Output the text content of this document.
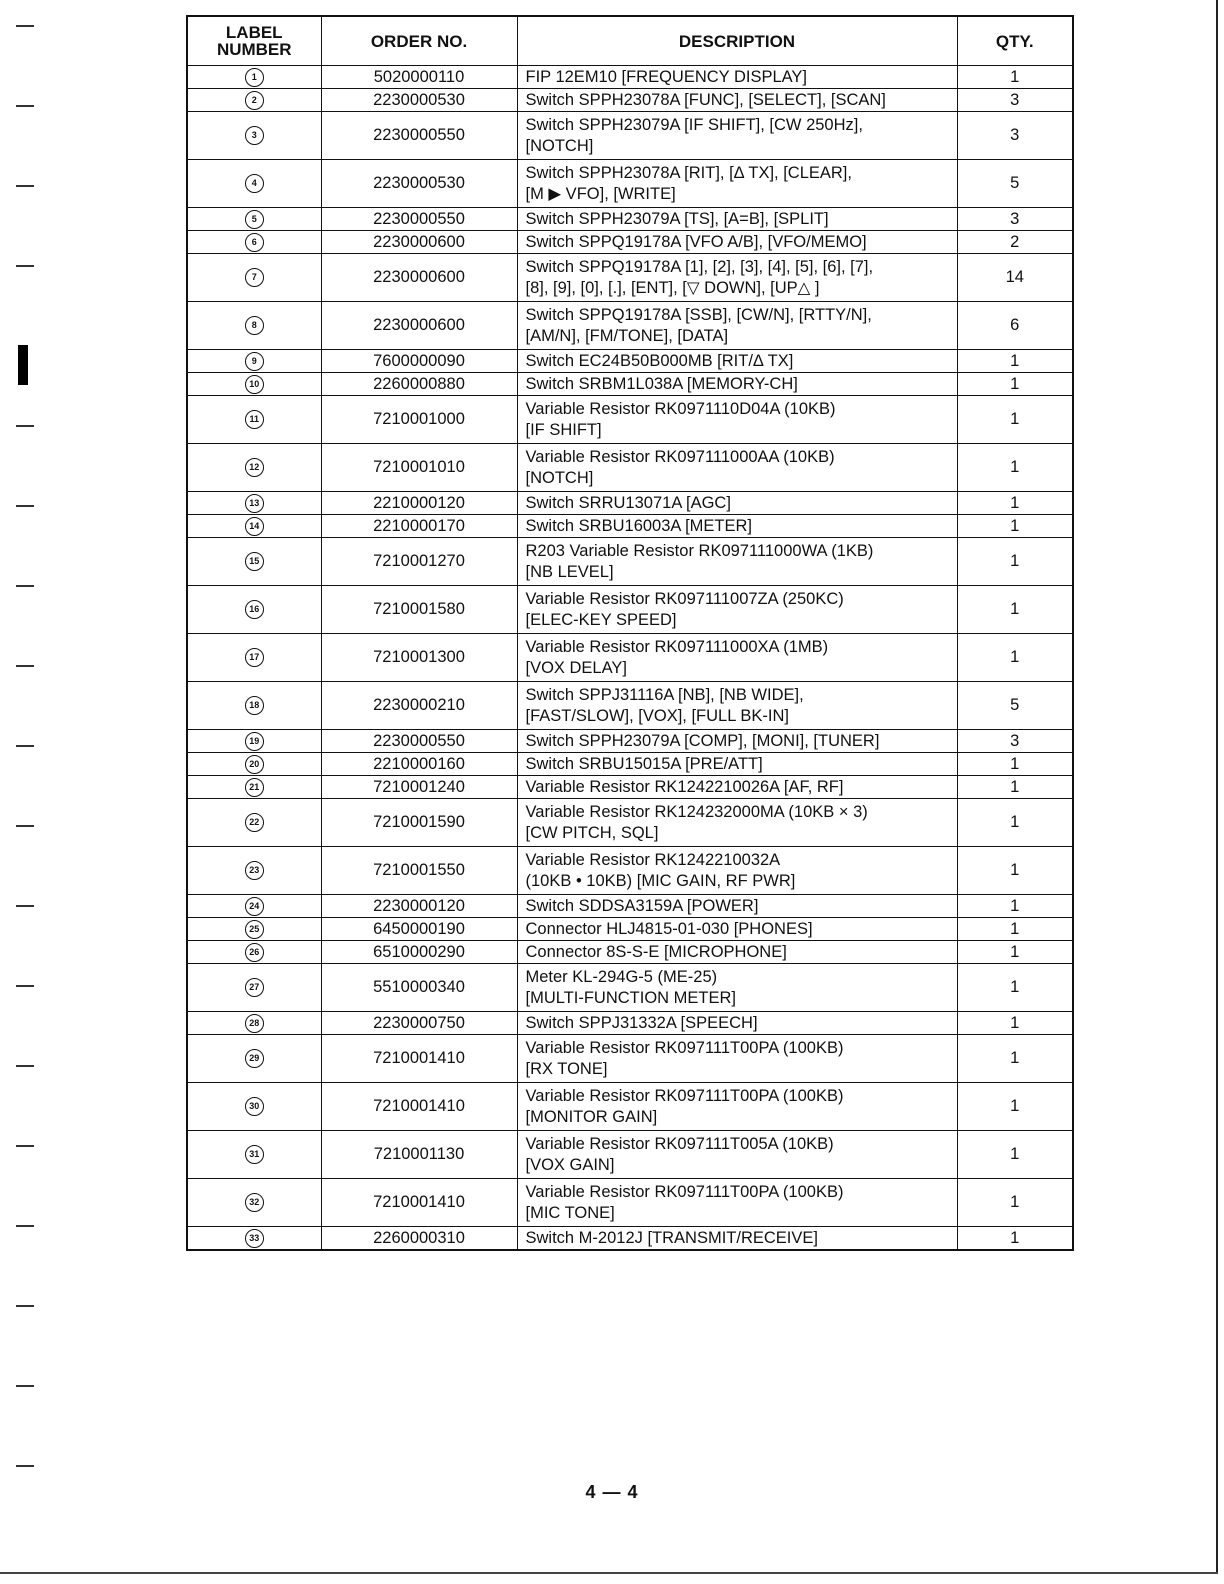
LABEL NUMBER	ORDER NO.	DESCRIPTION	QTY.
1	5020000110	FIP 12EM10 [FREQUENCY DISPLAY]	1
2	2230000530	Switch SPPH23078A [FUNC], [SELECT], [SCAN]	3
3	2230000550	Switch SPPH23079A [IF SHIFT], [CW 250Hz],
[NOTCH]	3
4	2230000530	Switch SPPH23078A [RIT], [Δ TX], [CLEAR],
[M ▶ VFO], [WRITE]	5
5	2230000550	Switch SPPH23079A [TS], [A=B], [SPLIT]	3
6	2230000600	Switch SPPQ19178A [VFO A/B], [VFO/MEMO]	2
7	2230000600	Switch SPPQ19178A [1], [2], [3], [4], [5], [6], [7],
[8], [9], [0], [.], [ENT], [▽ DOWN], [UP△ ]	14
8	2230000600	Switch SPPQ19178A [SSB], [CW/N], [RTTY/N],
[AM/N], [FM/TONE], [DATA]	6
9	7600000090	Switch EC24B50B000MB [RIT/Δ TX]	1
10	2260000880	Switch SRBM1L038A [MEMORY-CH]	1
11	7210001000	Variable Resistor RK0971110D04A (10KB)
[IF SHIFT]	1
12	7210001010	Variable Resistor RK097111000AA (10KB)
[NOTCH]	1
13	2210000120	Switch SRRU13071A [AGC]	1
14	2210000170	Switch SRBU16003A [METER]	1
15	7210001270	R203 Variable Resistor RK097111000WA (1KB)
[NB LEVEL]	1
16	7210001580	Variable Resistor RK097111007ZA (250KC)
[ELEC-KEY SPEED]	1
17	7210001300	Variable Resistor RK097111000XA (1MB)
[VOX DELAY]	1
18	2230000210	Switch SPPJ31116A [NB], [NB WIDE],
[FAST/SLOW], [VOX], [FULL BK-IN]	5
19	2230000550	Switch SPPH23079A [COMP], [MONI], [TUNER]	3
20	2210000160	Switch SRBU15015A [PRE/ATT]	1
21	7210001240	Variable Resistor RK1242210026A [AF, RF]	1
22	7210001590	Variable Resistor RK124232000MA (10KB × 3)
[CW PITCH, SQL]	1
23	7210001550	Variable Resistor RK1242210032A
(10KB • 10KB) [MIC GAIN, RF PWR]	1
24	2230000120	Switch SDDSA3159A [POWER]	1
25	6450000190	Connector HLJ4815-01-030 [PHONES]	1
26	6510000290	Connector 8S-S-E [MICROPHONE]	1
27	5510000340	Meter KL-294G-5 (ME-25)
[MULTI-FUNCTION METER]	1
28	2230000750	Switch SPPJ31332A [SPEECH]	1
29	7210001410	Variable Resistor RK097111T00PA (100KB)
[RX TONE]	1
30	7210001410	Variable Resistor RK097111T00PA (100KB)
[MONITOR GAIN]	1
31	7210001130	Variable Resistor RK097111T005A (10KB)
[VOX GAIN]	1
32	7210001410	Variable Resistor RK097111T00PA (100KB)
[MIC TONE]	1
33	2260000310	Switch M-2012J [TRANSMIT/RECEIVE]	1
4 — 4
